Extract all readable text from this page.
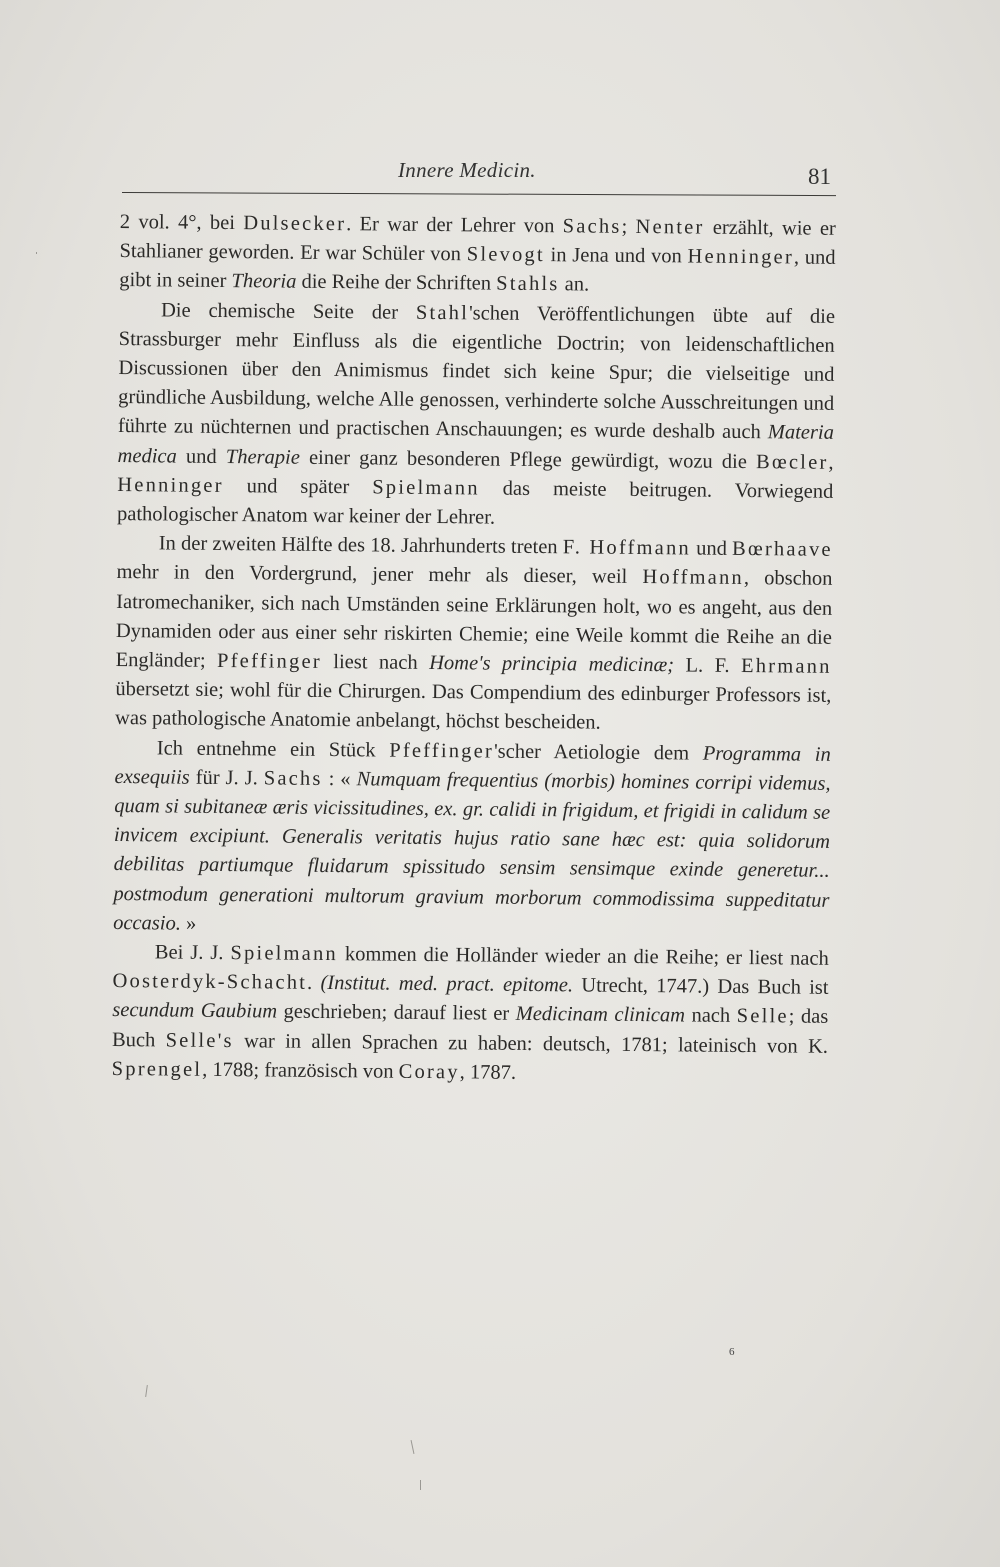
Innere Medicin.	81

2 vol. 4°, bei Dulsecker. Er war der Lehrer von Sachs; Nenter erzählt, wie er Stahlianer geworden. Er war Schüler von Slevogt in Jena und von Henninger, und gibt in seiner Theoria die Reihe der Schriften Stahls an.

Die chemische Seite der Stahl'schen Veröffentlichungen übte auf die Strassburger mehr Einfluss als die eigentliche Doctrin; von leidenschaftlichen Discussionen über den Animismus findet sich keine Spur; die vielseitige und gründliche Ausbildung, welche Alle genossen, verhinderte solche Ausschreitungen und führte zu nüchternen und practischen Anschauungen; es wurde deshalb auch Materia medica und Therapie einer ganz besonderen Pflege gewürdigt, wozu die Bœcler, Henninger und später Spielmann das meiste beitrugen. Vorwiegend pathologischer Anatom war keiner der Lehrer.

In der zweiten Hälfte des 18. Jahrhunderts treten F. Hoffmann und Bœrhaave mehr in den Vordergrund, jener mehr als dieser, weil Hoffmann, obschon Iatromechaniker, sich nach Umständen seine Erklärungen holt, wo es angeht, aus den Dynamiden oder aus einer sehr riskirten Chemie; eine Weile kommt die Reihe an die Engländer; Pfeffinger liest nach Home's principia medicinæ; L. F. Ehrmann übersetzt sie; wohl für die Chirurgen. Das Compendium des edinburger Professors ist, was pathologische Anatomie anbelangt, höchst bescheiden.

Ich entnehme ein Stück Pfeffinger'scher Aetiologie dem Programma in exsequiis für J. J. Sachs : « Numquam frequentius (morbis) homines corripi videmus, quam si subitaneæ æris vicissitudines, ex. gr. calidi in frigidum, et frigidi in calidum se invicem excipiunt. Generalis veritatis hujus ratio sane hæc est: quia solidorum debilitas partiumque fluidarum spissitudo sensim sensimque exinde generetur... postmodum generationi multorum gravium morborum commodissima suppeditatur occasio. »

Bei J. J. Spielmann kommen die Holländer wieder an die Reihe; er liest nach Oosterdyk-Schacht. (Institut. med. pract. epitome. Utrecht, 1747.) Das Buch ist secundum Gaubium geschrieben; darauf liest er Medicinam clinicam nach Selle; das Buch Selle's war in allen Sprachen zu haben: deutsch, 1781; lateinisch von K. Sprengel, 1788; französisch von Coray, 1787.

6
